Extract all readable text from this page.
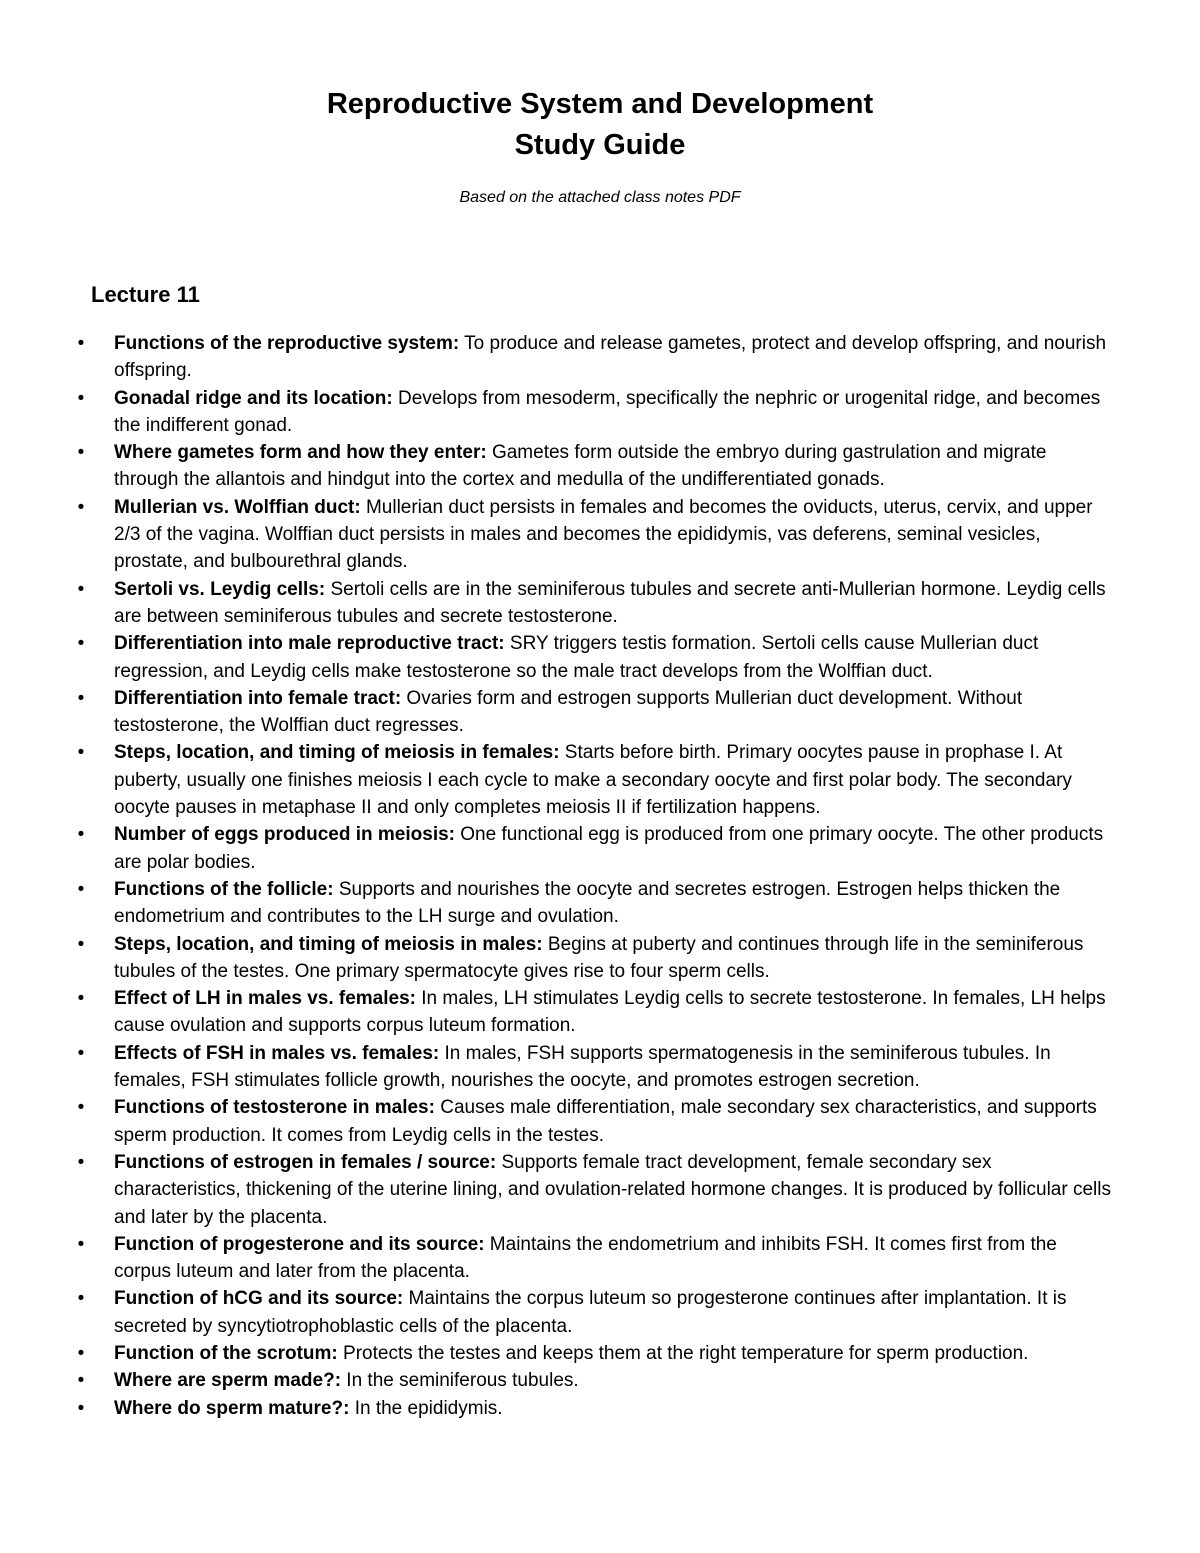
Reproductive System and Development
Study Guide

Based on the attached class notes PDF

Lecture 11
• Functions of the reproductive system: To produce and release gametes, protect and develop offspring, and nourish offspring.
• Gonadal ridge and its location: Develops from mesoderm, specifically the nephric or urogenital ridge, and becomes the indifferent gonad.
• Where gametes form and how they enter: Gametes form outside the embryo during gastrulation and migrate through the allantois and hindgut into the cortex and medulla of the undifferentiated gonads.
• Mullerian vs. Wolffian duct: Mullerian duct persists in females and becomes the oviducts, uterus, cervix, and upper 2/3 of the vagina. Wolffian duct persists in males and becomes the epididymis, vas deferens, seminal vesicles, prostate, and bulbourethral glands.
• Sertoli vs. Leydig cells: Sertoli cells are in the seminiferous tubules and secrete anti-Mullerian hormone. Leydig cells are between seminiferous tubules and secrete testosterone.
• Differentiation into male reproductive tract: SRY triggers testis formation. Sertoli cells cause Mullerian duct regression, and Leydig cells make testosterone so the male tract develops from the Wolffian duct.
• Differentiation into female tract: Ovaries form and estrogen supports Mullerian duct development. Without testosterone, the Wolffian duct regresses.
• Steps, location, and timing of meiosis in females: Starts before birth. Primary oocytes pause in prophase I. At puberty, usually one finishes meiosis I each cycle to make a secondary oocyte and first polar body. The secondary oocyte pauses in metaphase II and only completes meiosis II if fertilization happens.
• Number of eggs produced in meiosis: One functional egg is produced from one primary oocyte. The other products are polar bodies.
• Functions of the follicle: Supports and nourishes the oocyte and secretes estrogen. Estrogen helps thicken the endometrium and contributes to the LH surge and ovulation.
• Steps, location, and timing of meiosis in males: Begins at puberty and continues through life in the seminiferous tubules of the testes. One primary spermatocyte gives rise to four sperm cells.
• Effect of LH in males vs. females: In males, LH stimulates Leydig cells to secrete testosterone. In females, LH helps cause ovulation and supports corpus luteum formation.
• Effects of FSH in males vs. females: In males, FSH supports spermatogenesis in the seminiferous tubules. In females, FSH stimulates follicle growth, nourishes the oocyte, and promotes estrogen secretion.
• Functions of testosterone in males: Causes male differentiation, male secondary sex characteristics, and supports sperm production. It comes from Leydig cells in the testes.
• Functions of estrogen in females / source: Supports female tract development, female secondary sex characteristics, thickening of the uterine lining, and ovulation-related hormone changes. It is produced by follicular cells and later by the placenta.
• Function of progesterone and its source: Maintains the endometrium and inhibits FSH. It comes first from the corpus luteum and later from the placenta.
• Function of hCG and its source: Maintains the corpus luteum so progesterone continues after implantation. It is secreted by syncytiotrophoblastic cells of the placenta.
• Function of the scrotum: Protects the testes and keeps them at the right temperature for sperm production.
• Where are sperm made?: In the seminiferous tubules.
• Where do sperm mature?: In the epididymis.
